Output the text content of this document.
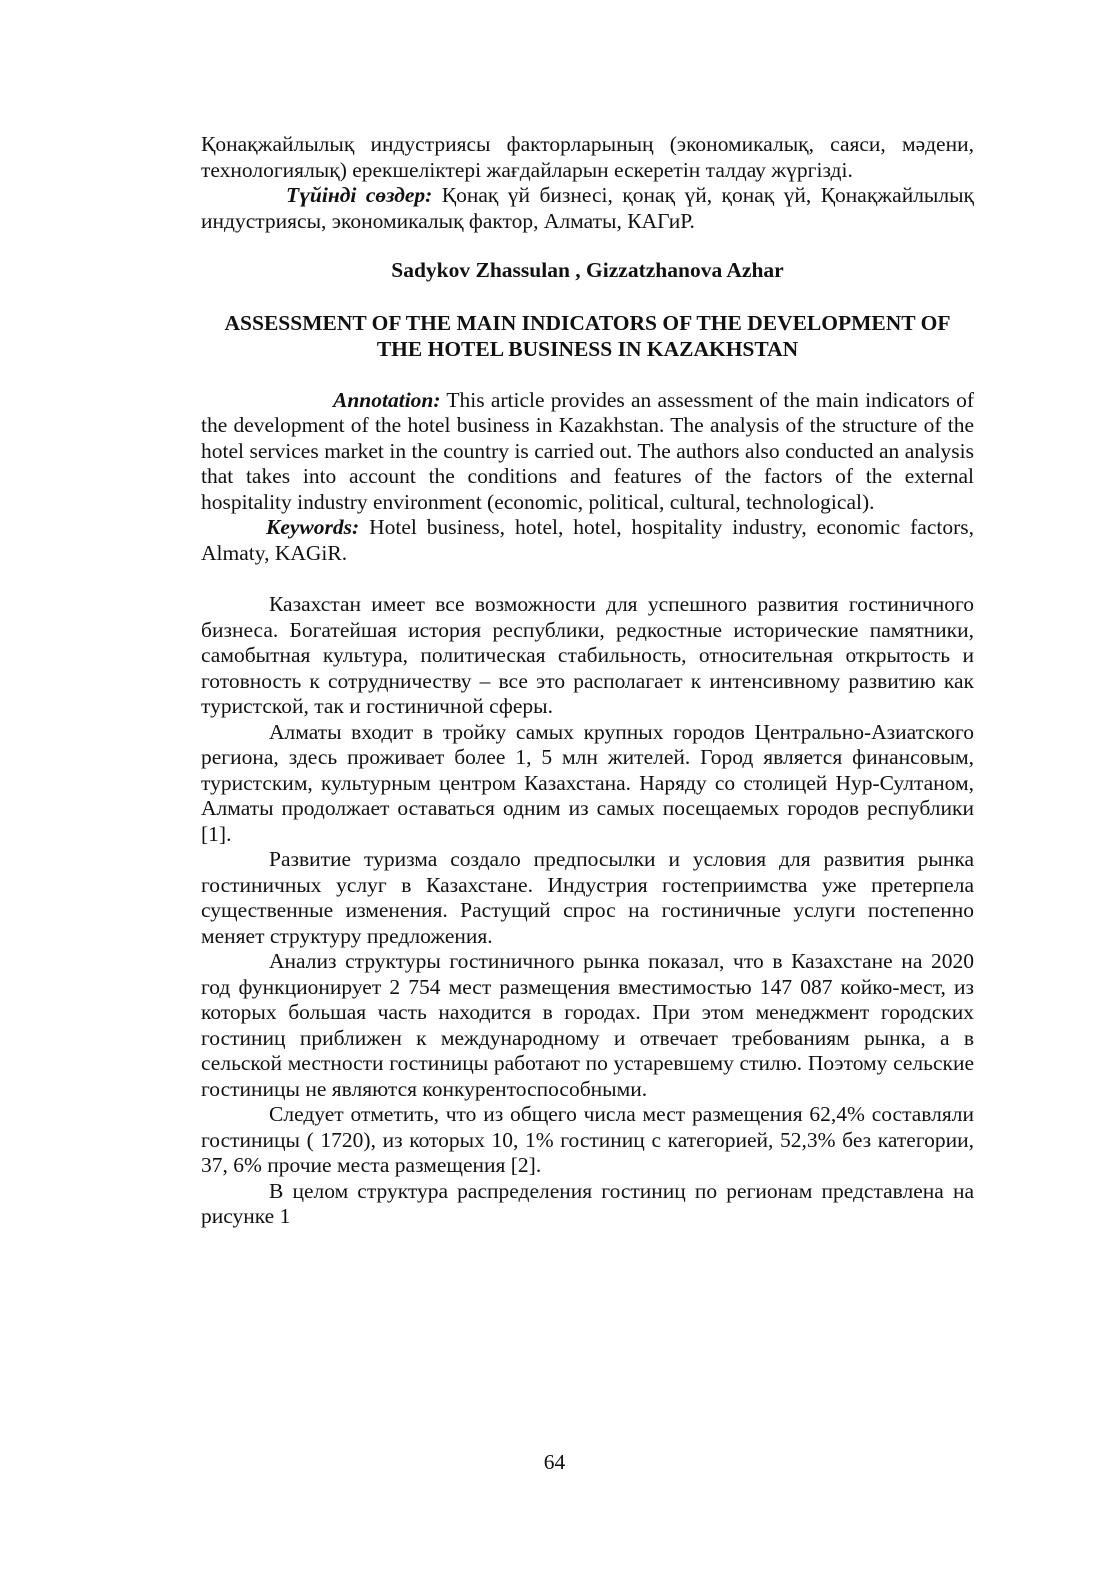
Қонақжайлылық индустриясы факторларының (экономикалық, саяси, мәдени, технологиялық) ерекшеліктері жағдайларын ескеретін талдау жүргізді.

Түйінді сөздер: Қонақ үй бизнесі, қонақ үй, қонақ үй, Қонақжайлылық индустриясы, экономикалық фактор, Алматы, КАГиР.

Sadykov Zhassulan , Gizzatzhanova Azhar

ASSESSMENT OF THE MAIN INDICATORS OF THE DEVELOPMENT OF THE HOTEL BUSINESS IN KAZAKHSTAN

Annotation: This article provides an assessment of the main indicators of the development of the hotel business in Kazakhstan. The analysis of the structure of the hotel services market in the country is carried out. The authors also conducted an analysis that takes into account the conditions and features of the factors of the external hospitality industry environment (economic, political, cultural, technological).

Keywords: Hotel business, hotel, hotel, hospitality industry, economic factors, Almaty, KAGiR.

Казахстан имеет все возможности для успешного развития гостиничного бизнеса. Богатейшая история республики, редкостные исторические памятники, самобытная культура, политическая стабильность, относительная открытость и готовность к сотрудничеству – все это располагает к интенсивному развитию как туристской, так и гостиничной сферы.

Алматы входит в тройку самых крупных городов Центрально-Азиатского региона, здесь проживает более 1, 5 млн жителей. Город является финансовым, туристским, культурным центром Казахстана. Наряду со столицей Нур-Султаном, Алматы продолжает оставаться одним из самых посещаемых городов республики [1].

Развитие туризма создало предпосылки и условия для развития рынка гостиничных услуг в Казахстане. Индустрия гостеприимства уже претерпела существенные изменения. Растущий спрос на гостиничные услуги постепенно меняет структуру предложения.

Анализ структуры гостиничного рынка показал, что в Казахстане на 2020 год функционирует 2 754 мест размещения вместимостью 147 087 койко-мест, из которых большая часть находится в городах. При этом менеджмент городских гостиниц приближен к международному и отвечает требованиям рынка, а в сельской местности гостиницы работают по устаревшему стилю. Поэтому сельские гостиницы не являются конкурентоспособными.

Следует отметить, что из общего числа мест размещения 62,4% составляли гостиницы ( 1720), из которых 10, 1% гостиниц с категорией, 52,3% без категории, 37, 6% прочие места размещения [2].

В целом структура распределения гостиниц по регионам представлена на рисунке 1

64
